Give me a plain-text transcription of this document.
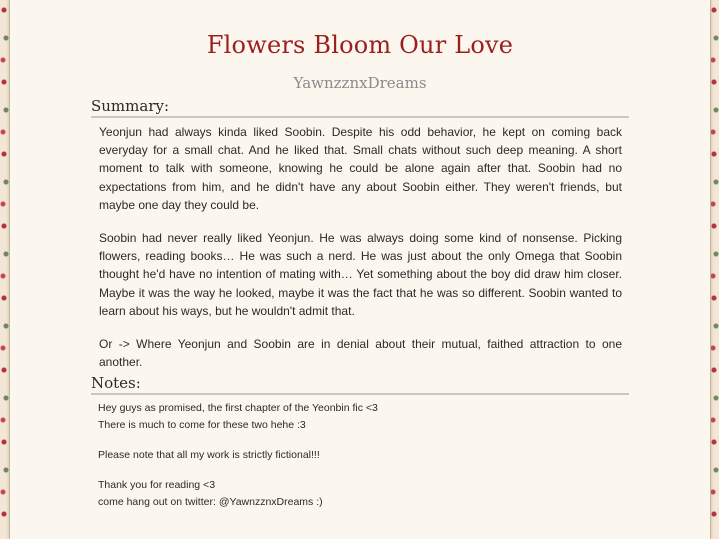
Flowers Bloom Our Love
YawnzznxDreams
Summary:

Yeonjun had always kinda liked Soobin. Despite his odd behavior, he kept on coming back everyday for a small chat. And he liked that. Small chats without such deep meaning. A short moment to talk with someone, knowing he could be alone again after that. Soobin had no expectations from him, and he didn't have any about Soobin either. They weren't friends, but maybe one day they could be.

Soobin had never really liked Yeonjun. He was always doing some kind of nonsense. Picking flowers, reading books… He was such a nerd. He was just about the only Omega that Soobin thought he'd have no intention of mating with… Yet something about the boy did draw him closer. Maybe it was the way he looked, maybe it was the fact that he was so different. Soobin wanted to learn about his ways, but he wouldn't admit that.

Or -> Where Yeonjun and Soobin are in denial about their mutual, faithed attraction to one another.

Notes:

Hey guys as promised, the first chapter of the Yeonbin fic <3
There is much to come for these two hehe :3

Please note that all my work is strictly fictional!!!

Thank you for reading <3
come hang out on twitter: @YawnzznxDreams :)
